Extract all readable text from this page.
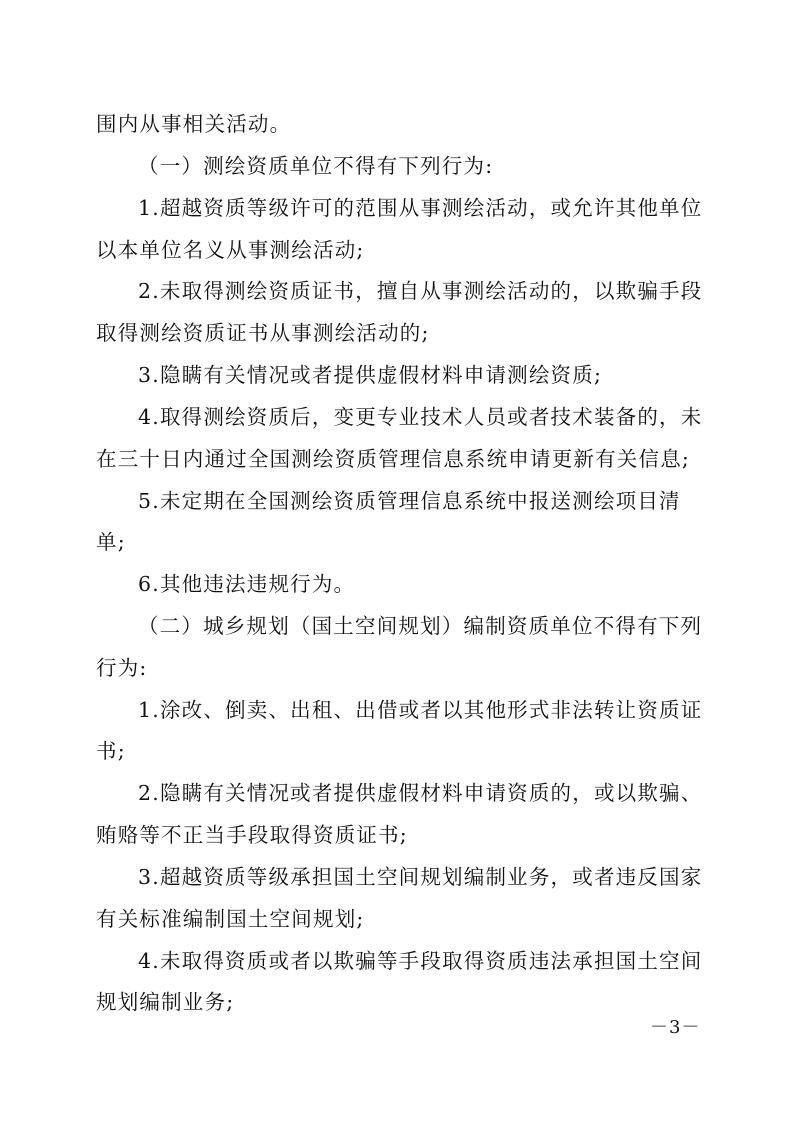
围内从事相关活动。
（一）测绘资质单位不得有下列行为:
1.超越资质等级许可的范围从事测绘活动，或允许其他单位
以本单位名义从事测绘活动;
2.未取得测绘资质证书，擅自从事测绘活动的，以欺骗手段
取得测绘资质证书从事测绘活动的;
3.隐瞒有关情况或者提供虚假材料申请测绘资质;
4.取得测绘资质后，变更专业技术人员或者技术装备的，未
在三十日内通过全国测绘资质管理信息系统申请更新有关信息;
5.未定期在全国测绘资质管理信息系统中报送测绘项目清
单;
6.其他违法违规行为。
（二）城乡规划（国土空间规划）编制资质单位不得有下列
行为:
1.涂改、倒卖、出租、出借或者以其他形式非法转让资质证
书;
2.隐瞒有关情况或者提供虚假材料申请资质的，或以欺骗、
贿赂等不正当手段取得资质证书;
3.超越资质等级承担国土空间规划编制业务，或者违反国家
有关标准编制国土空间规划;
4.未取得资质或者以欺骗等手段取得资质违法承担国土空间
规划编制业务;
－3－
